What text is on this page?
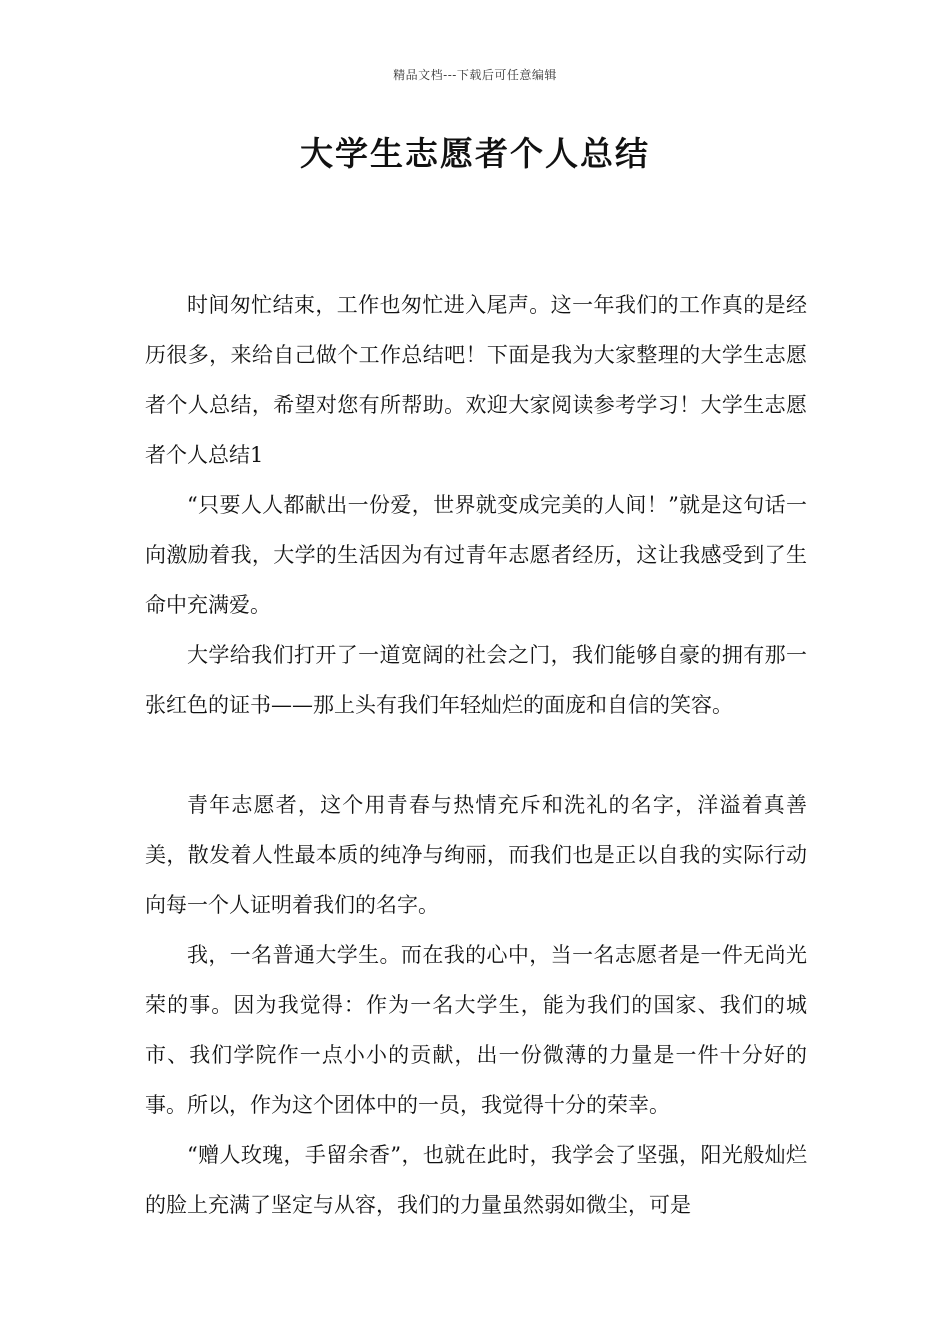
精品文档---下载后可任意编辑
大学生志愿者个人总结

时间匆忙结束，工作也匆忙进入尾声。这一年我们的工作真的是经历很多，来给自己做个工作总结吧！下面是我为大家整理的大学生志愿者个人总结，希望对您有所帮助。欢迎大家阅读参考学习！大学生志愿者个人总结1

“只要人人都献出一份爱，世界就变成完美的人间！”就是这句话一向激励着我，大学的生活因为有过青年志愿者经历，这让我感受到了生命中充满爱。

大学给我们打开了一道宽阔的社会之门，我们能够自豪的拥有那一张红色的证书——那上头有我们年轻灿烂的面庞和自信的笑容。

青年志愿者，这个用青春与热情充斥和洗礼的名字，洋溢着真善美，散发着人性最本质的纯净与绚丽，而我们也是正以自我的实际行动向每一个人证明着我们的名字。

我，一名普通大学生。而在我的心中，当一名志愿者是一件无尚光荣的事。因为我觉得：作为一名大学生，能为我们的国家、我们的城市、我们学院作一点小小的贡献，出一份微薄的力量是一件十分好的事。所以，作为这个团体中的一员，我觉得十分的荣幸。

“赠人玫瑰，手留余香”，也就在此时，我学会了坚强，阳光般灿烂的脸上充满了坚定与从容，我们的力量虽然弱如微尘，可是
